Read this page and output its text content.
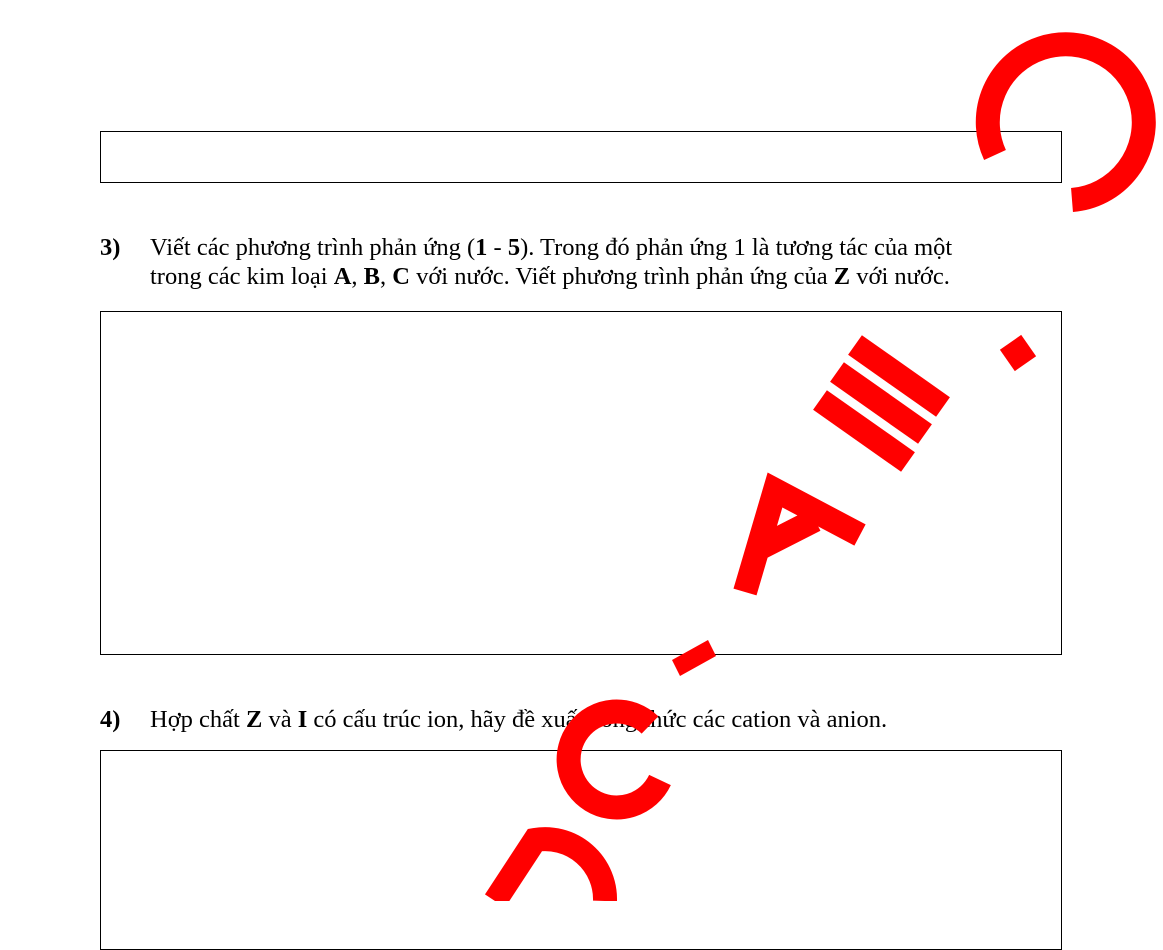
3) Viết các phương trình phản ứng (1 - 5). Trong đó phản ứng 1 là tương tác của một
trong các kim loại A, B, C với nước. Viết phương trình phản ứng của Z với nước.
4) Hợp chất Z và I có cấu trúc ion, hãy đề xuất công thức các cation và anion.
